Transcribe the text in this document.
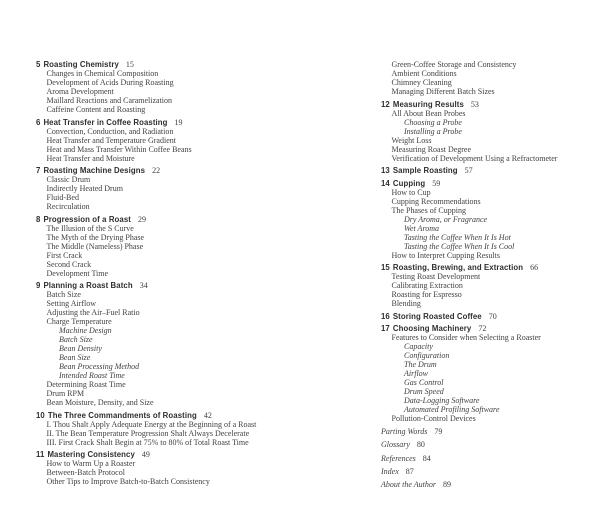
5 Roasting Chemistry 15
Changes in Chemical Composition
Development of Acids During Roasting
Aroma Development
Maillard Reactions and Caramelization
Caffeine Content and Roasting
6 Heat Transfer in Coffee Roasting 19
Convection, Conduction, and Radiation
Heat Transfer and Temperature Gradient
Heat and Mass Transfer Within Coffee Beans
Heat Transfer and Moisture
7 Roasting Machine Designs 22
Classic Drum
Indirectly Heated Drum
Fluid-Bed
Recirculation
8 Progression of a Roast 29
The Illusion of the S Curve
The Myth of the Drying Phase
The Middle (Nameless) Phase
First Crack
Second Crack
Development Time
9 Planning a Roast Batch 34
Batch Size
Setting Airflow
Adjusting the Air–Fuel Ratio
Charge Temperature
Machine Design
Batch Size
Bean Density
Bean Size
Bean Processing Method
Intended Roast Time
Determining Roast Time
Drum RPM
Bean Moisture, Density, and Size
10 The Three Commandments of Roasting 42
I. Thou Shalt Apply Adequate Energy at the Beginning of a Roast
II. The Bean Temperature Progression Shalt Always Decelerate
III. First Crack Shalt Begin at 75% to 80% of Total Roast Time
11 Mastering Consistency 49
How to Warm Up a Roaster
Between-Batch Protocol
Other Tips to Improve Batch-to-Batch Consistency
Green-Coffee Storage and Consistency
Ambient Conditions
Chimney Cleaning
Managing Different Batch Sizes
12 Measuring Results 53
All About Bean Probes
Choosing a Probe
Installing a Probe
Weight Loss
Measuring Roast Degree
Verification of Development Using a Refractometer
13 Sample Roasting 57
14 Cupping 59
How to Cup
Cupping Recommendations
The Phases of Cupping
Dry Aroma, or Fragrance
Wet Aroma
Tasting the Coffee When It Is Hot
Tasting the Coffee When It Is Cool
How to Interpret Cupping Results
15 Roasting, Brewing, and Extraction 66
Testing Roast Development
Calibrating Extraction
Roasting for Espresso
Blending
16 Storing Roasted Coffee 70
17 Choosing Machinery 72
Features to Consider when Selecting a Roaster
Capacity
Configuration
The Drum
Airflow
Gas Control
Drum Speed
Data-Logging Software
Automated Profiling Software
Pollution-Control Devices
Parting Words 79
Glossary 80
References 84
Index 87
About the Author 89
